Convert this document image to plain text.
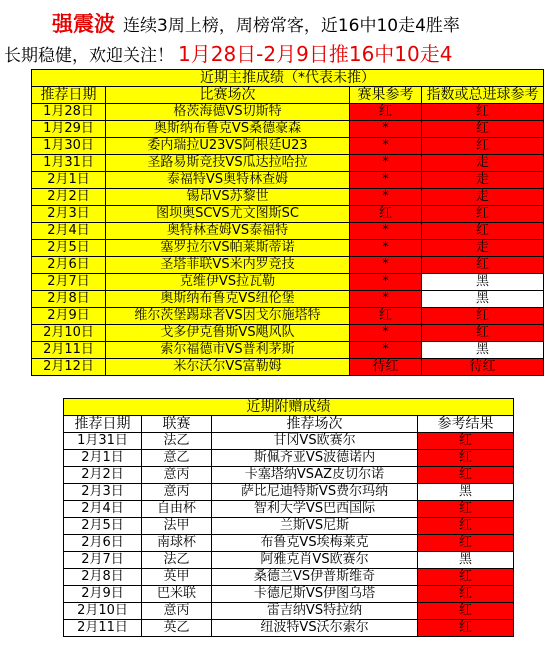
强震波 连续3周上榜，周榜常客，近16中10走4胜率
长期稳健，欢迎关注！ 1月28日-2月9日推16中10走4
近期主推成绩（*代表未推）			
推荐日期	比赛场次	赛果参考	指数或总进球参考
1月28日	格茨海德VS切斯特	红	红
1月29日	奥斯纳布鲁克VS桑德豪森	*	红
1月30日	委内瑞拉U23VS阿根廷U23	*	红
1月31日	圣路易斯竞技VS瓜达拉哈拉	*	走
2月1日	泰福特VS奥特林查姆	*	走
2月2日	锡昂VS苏黎世	*	走
2月3日	图坝奥SCVS尤文图斯SC	红	红
2月4日	奥特林查姆VS泰福特	*	红
2月5日	塞罗拉尔VS帕莱斯蒂诺	*	走
2月6日	圣塔菲联VS米内罗竞技	*	红
2月7日	克维伊VS拉瓦勒	*	黑
2月8日	奥斯纳布鲁克VS纽伦堡	*	黑
2月9日	维尔茨堡踢球者VS因戈尔施塔特	红	红
2月10日	戈多伊克鲁斯VS飓风队	*	红
2月11日	索尔福德市VS普利茅斯	*	黑
2月12日	米尔沃尔VS富勒姆	待红	待红
近期附赠成绩			
推荐日期	联赛	推荐场次	参考结果
1月31日	法乙	甘冈VS欧赛尔	红
2月1日	意乙	斯佩齐亚VS波德诺内	红
2月2日	意丙	卡塞塔纳VSAZ皮切尔诺	红
2月3日	意丙	萨比尼迪特斯VS费尔玛纳	黑
2月4日	自由杯	智利大学VS巴西国际	红
2月5日	法甲	兰斯VS尼斯	红
2月6日	南球杯	布鲁克VS埃梅莱克	红
2月7日	法乙	阿雅克肖VS欧赛尔	黑
2月8日	英甲	桑德兰VS伊普斯维奇	红
2月9日	巴米联	卡德尼斯VS伊图乌塔	红
2月10日	意丙	雷吉纳VS特拉纳	红
2月11日	英乙	纽波特VS沃尔索尔	红
